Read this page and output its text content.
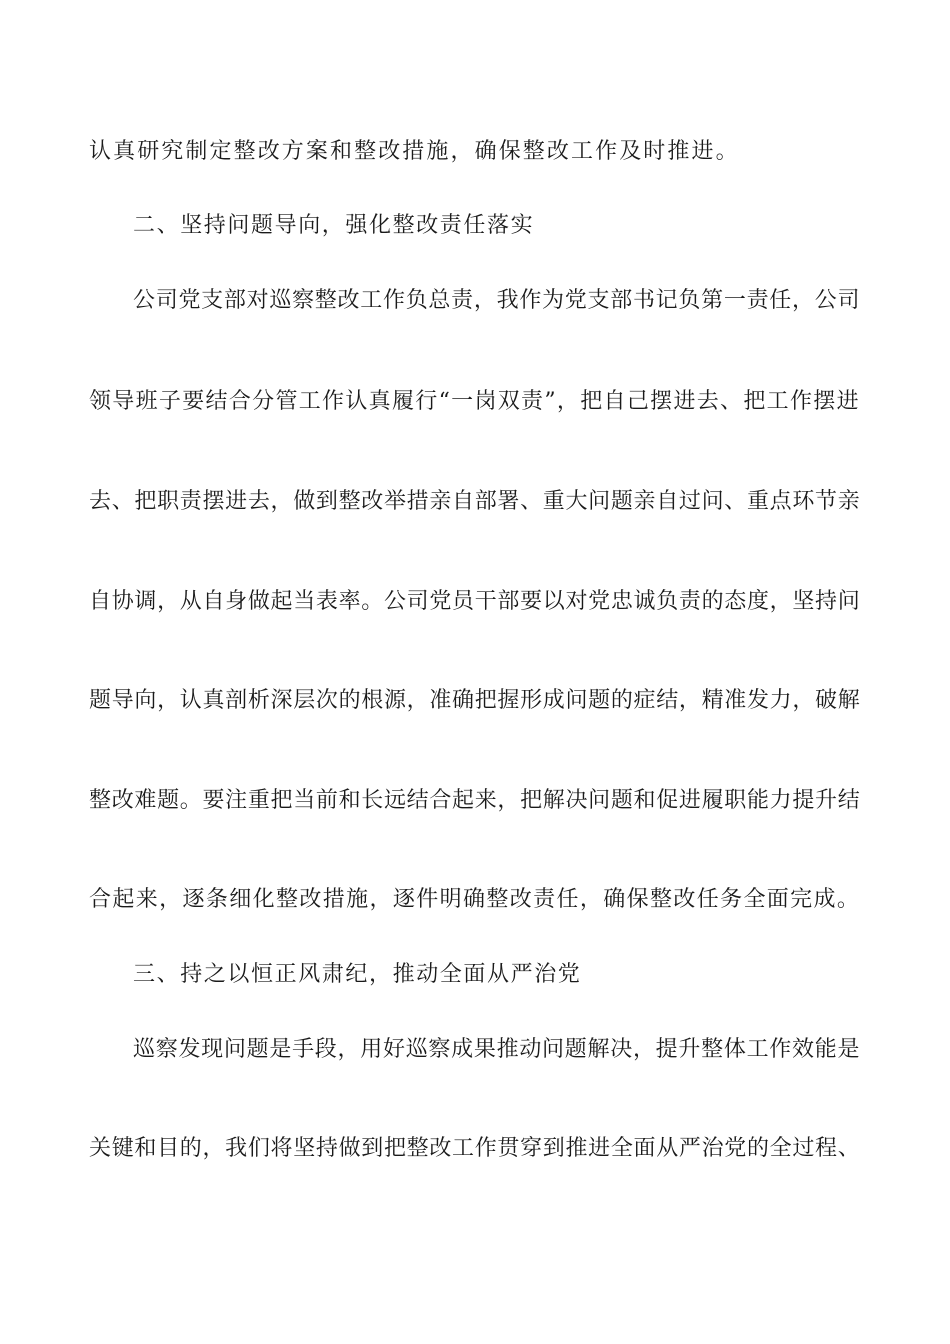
认真研究制定整改方案和整改措施，确保整改工作及时推进。
二、坚持问题导向，强化整改责任落实
公司党支部对巡察整改工作负总责，我作为党支部书记负第一责任，公司
领导班子要结合分管工作认真履行“一岗双责”，把自己摆进去、把工作摆进
去、把职责摆进去，做到整改举措亲自部署、重大问题亲自过问、重点环节亲
自协调，从自身做起当表率。公司党员干部要以对党忠诚负责的态度，坚持问
题导向，认真剖析深层次的根源，准确把握形成问题的症结，精准发力，破解
整改难题。要注重把当前和长远结合起来，把解决问题和促进履职能力提升结
合起来，逐条细化整改措施，逐件明确整改责任，确保整改任务全面完成。
三、持之以恒正风肃纪，推动全面从严治党
巡察发现问题是手段，用好巡察成果推动问题解决，提升整体工作效能是
关键和目的，我们将坚持做到把整改工作贯穿到推进全面从严治党的全过程、
